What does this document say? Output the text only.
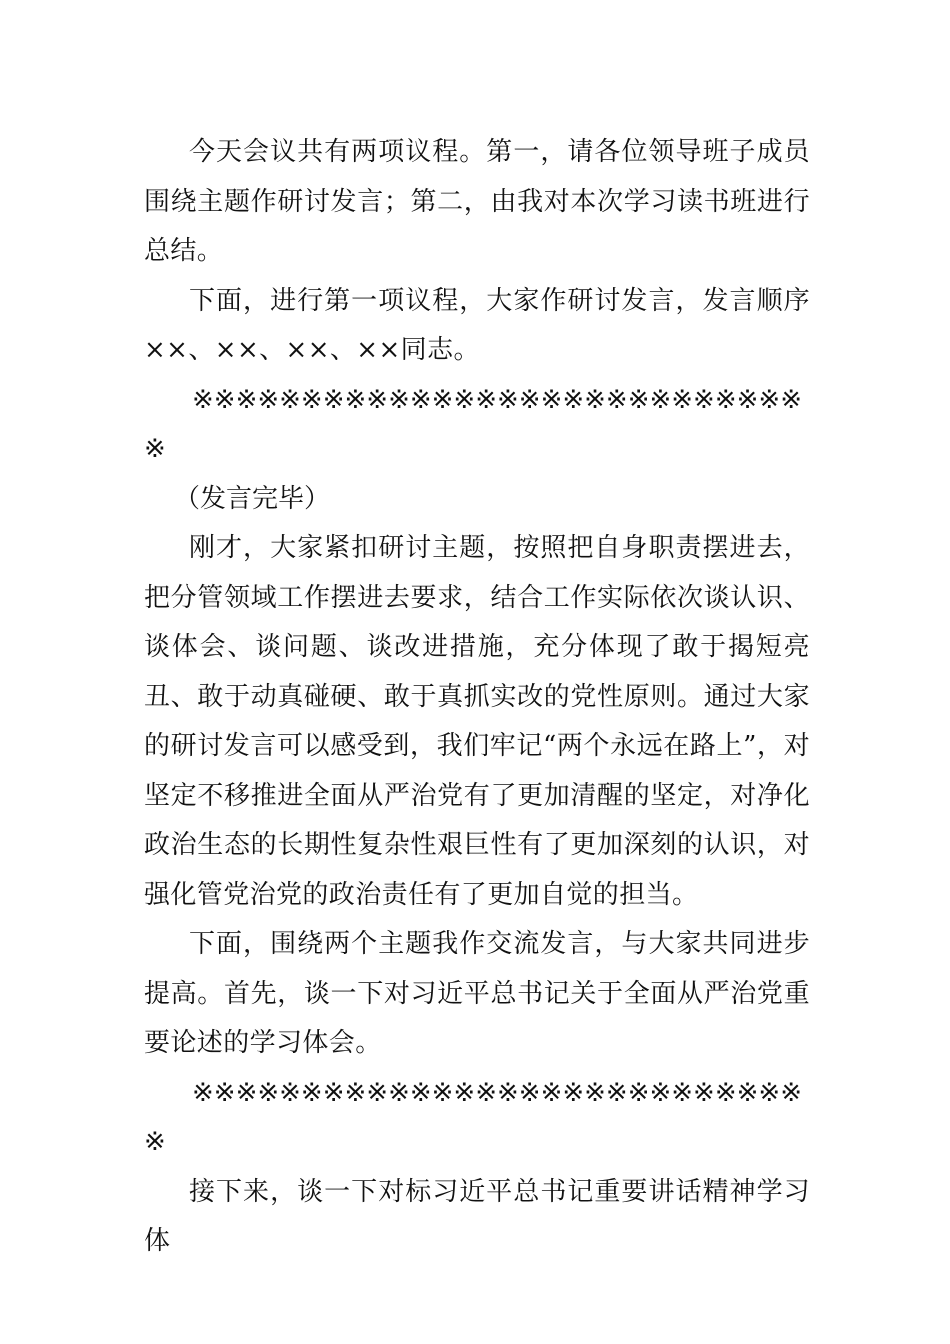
今天会议共有两项议程。第一，请各位领导班子成员围绕主题作研讨发言；第二，由我对本次学习读书班进行总结。

下面，进行第一项议程，大家作研讨发言，发言顺序××、××、××、××同志。

※※※※※※※※※※※※※※※※※※※※※※※※※※※※※

（发言完毕）

刚才，大家紧扣研讨主题，按照把自身职责摆进去，把分管领域工作摆进去要求，结合工作实际依次谈认识、谈体会、谈问题、谈改进措施，充分体现了敢于揭短亮丑、敢于动真碰硬、敢于真抓实改的党性原则。通过大家的研讨发言可以感受到，我们牢记“两个永远在路上”，对坚定不移推进全面从严治党有了更加清醒的坚定，对净化政治生态的长期性复杂性艰巨性有了更加深刻的认识，对强化管党治党的政治责任有了更加自觉的担当。

下面，围绕两个主题我作交流发言，与大家共同进步提高。首先，谈一下对习近平总书记关于全面从严治党重要论述的学习体会。

※※※※※※※※※※※※※※※※※※※※※※※※※※※※※

接下来，谈一下对标习近平总书记重要讲话精神学习体
